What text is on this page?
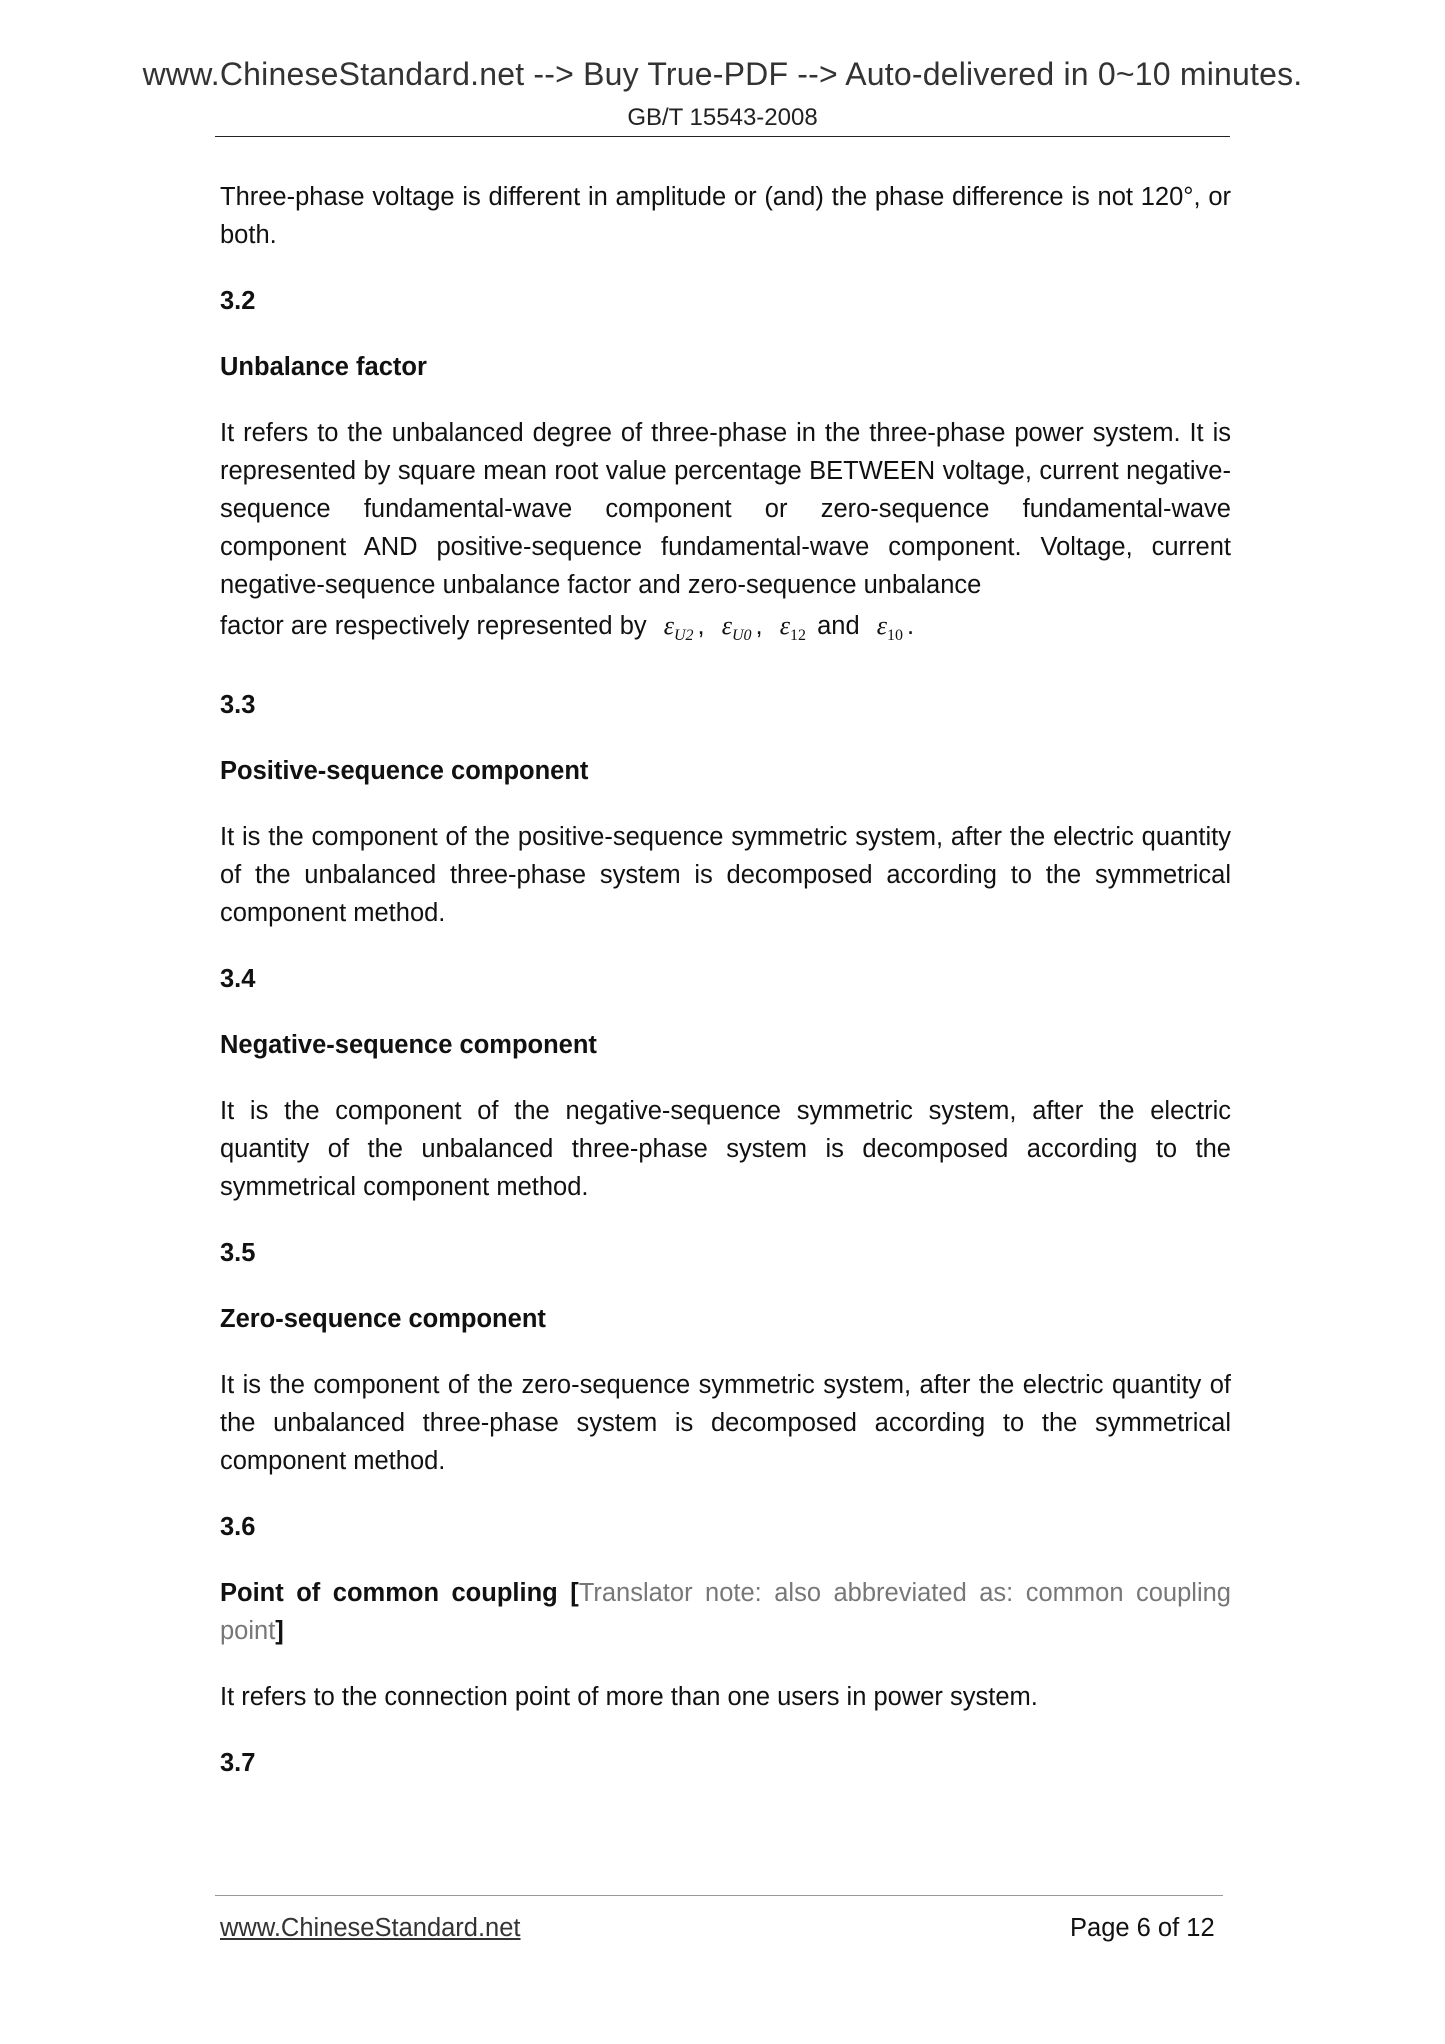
www.ChineseStandard.net --> Buy True-PDF --> Auto-delivered in 0~10 minutes.
GB/T 15543-2008

Three-phase voltage is different in amplitude or (and) the phase difference is not 120°, or both.

3.2
Unbalance factor

It refers to the unbalanced degree of three-phase in the three-phase power system. It is represented by square mean root value percentage BETWEEN voltage, current negative-sequence fundamental-wave component or zero-sequence fundamental-wave component AND positive-sequence fundamental-wave component. Voltage, current negative-sequence unbalance factor and zero-sequence unbalance

factor are respectively represented by $\varepsilon_{U2}$ , $\varepsilon_{U0}$ , $\varepsilon_{12}$ and $\varepsilon_{10}$ .

3.3
Positive-sequence component

It is the component of the positive-sequence symmetric system, after the electric quantity of the unbalanced three-phase system is decomposed according to the symmetrical component method.

3.4
Negative-sequence component

It is the component of the negative-sequence symmetric system, after the electric quantity of the unbalanced three-phase system is decomposed according to the symmetrical component method.

3.5
Zero-sequence component

It is the component of the zero-sequence symmetric system, after the electric quantity of the unbalanced three-phase system is decomposed according to the symmetrical component method.

3.6
Point of common coupling [Translator note: also abbreviated as: common coupling point]

It refers to the connection point of more than one users in power system.

3.7
www.ChineseStandard.net	Page 6 of 12
